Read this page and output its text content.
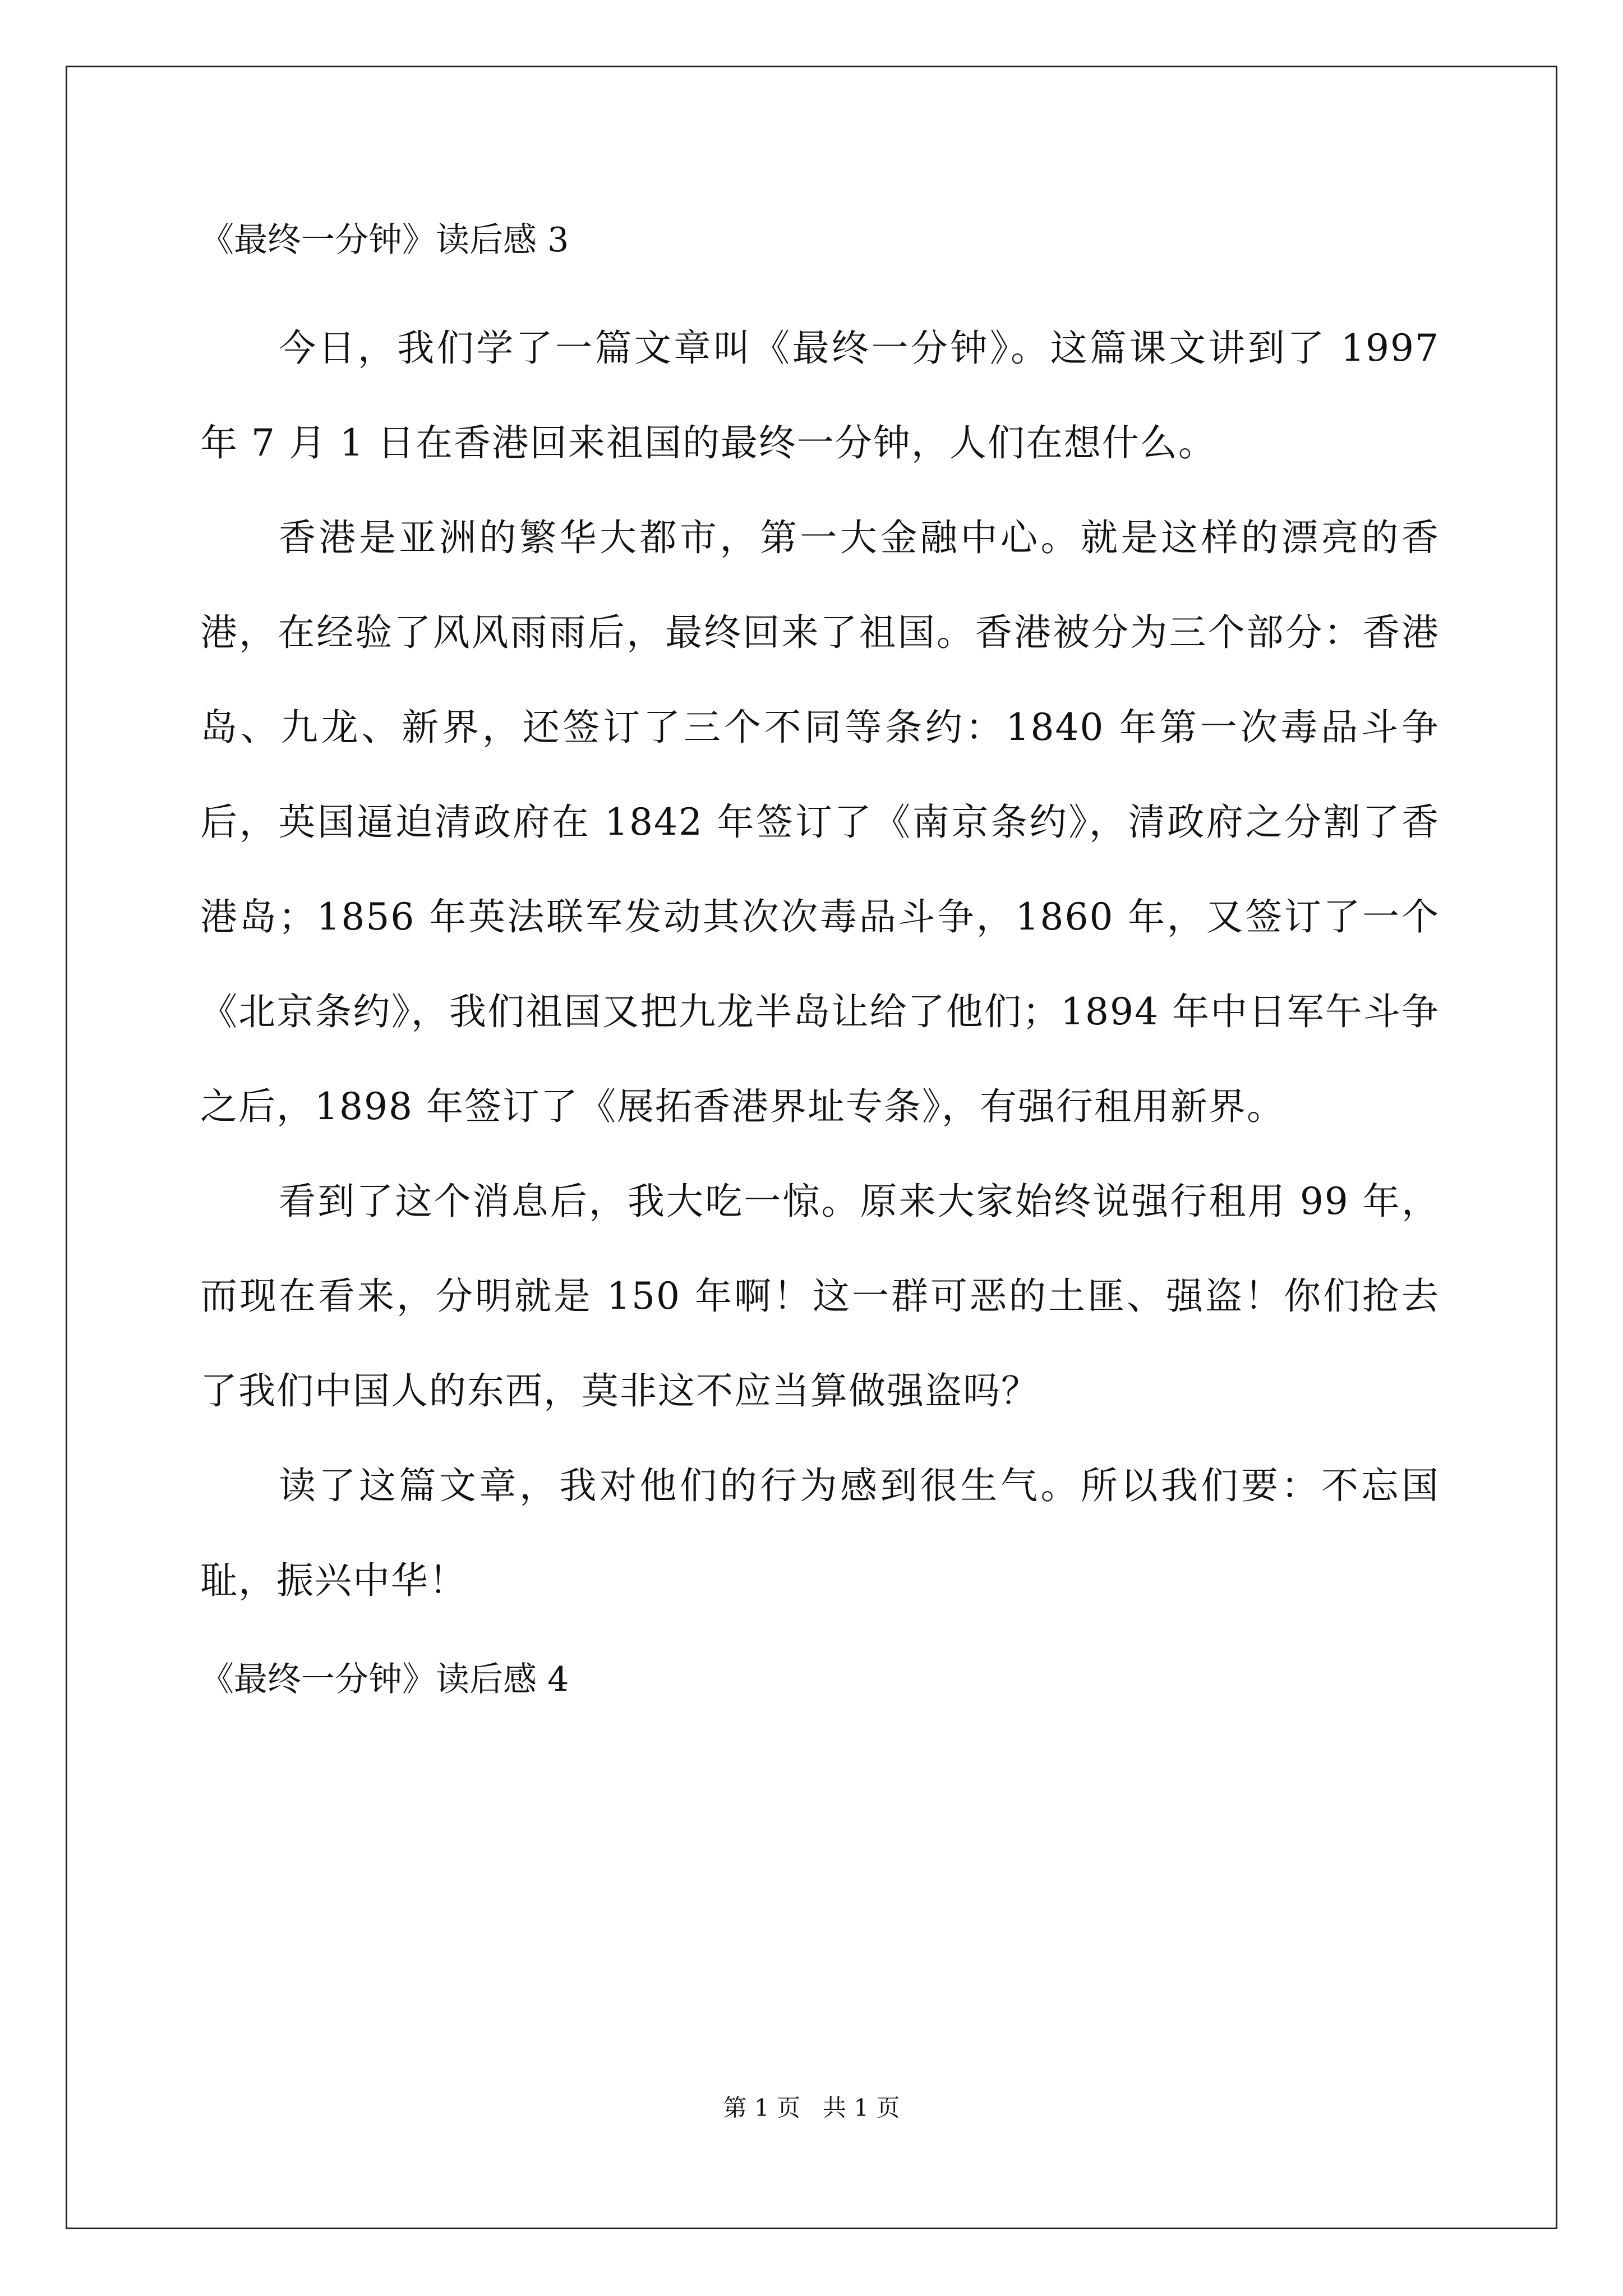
《最终一分钟》读后感 3

今日，我们学了一篇文章叫《最终一分钟》。这篇课文讲到了 1997 年 7 月 1 日在香港回来祖国的最终一分钟，人们在想什么。

香港是亚洲的繁华大都市，第一大金融中心。就是这样的漂亮的香港，在经验了风风雨雨后，最终回来了祖国。香港被分为三个部分：香港岛、九龙、新界，还签订了三个不同等条约：1840 年第一次毒品斗争后，英国逼迫清政府在 1842 年签订了《南京条约》，清政府之分割了香港岛；1856 年英法联军发动其次次毒品斗争，1860 年，又签订了一个《北京条约》，我们祖国又把九龙半岛让给了他们；1894 年中日军午斗争之后，1898 年签订了《展拓香港界址专条》，有强行租用新界。

看到了这个消息后，我大吃一惊。原来大家始终说强行租用 99 年，而现在看来，分明就是 150 年啊！这一群可恶的土匪、强盗！你们抢去了我们中国人的东西，莫非这不应当算做强盗吗？

读了这篇文章，我对他们的行为感到很生气。所以我们要：不忘国耻，振兴中华！

《最终一分钟》读后感 4

第 1 页   共 1 页
